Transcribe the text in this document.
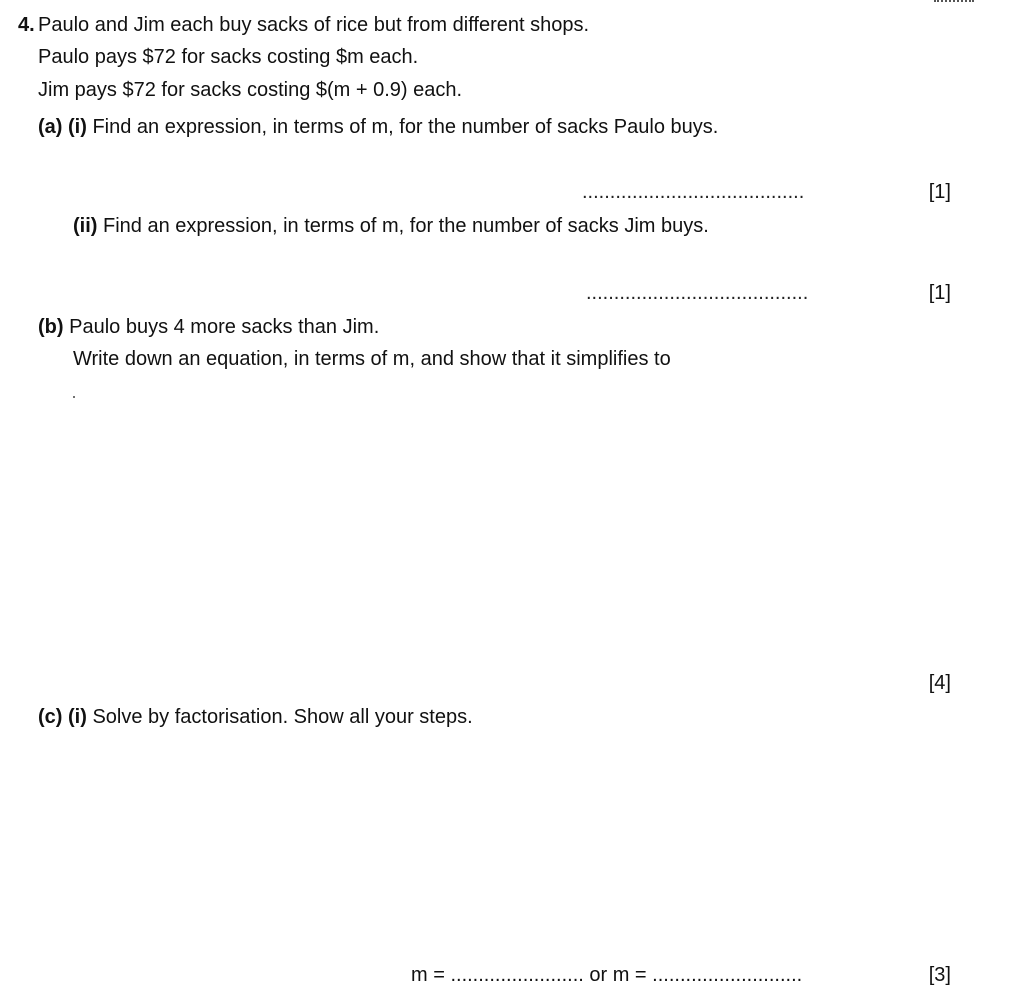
4. Paulo and Jim each buy sacks of rice but from different shops.
Paulo pays $72 for sacks costing $m each.
Jim pays $72 for sacks costing $(m + 0.9) each.
(a) (i) Find an expression, in terms of m, for the number of sacks Paulo buys.
........................................	[1]
(ii) Find an expression, in terms of m, for the number of sacks Jim buys.
........................................	[1]
(b) Paulo buys 4 more sacks than Jim.
Write down an equation, in terms of m, and show that it simplifies to
[4]
(c) (i) Solve by factorisation. Show all your steps.
m = ........................ or m = ...........................	[3]
